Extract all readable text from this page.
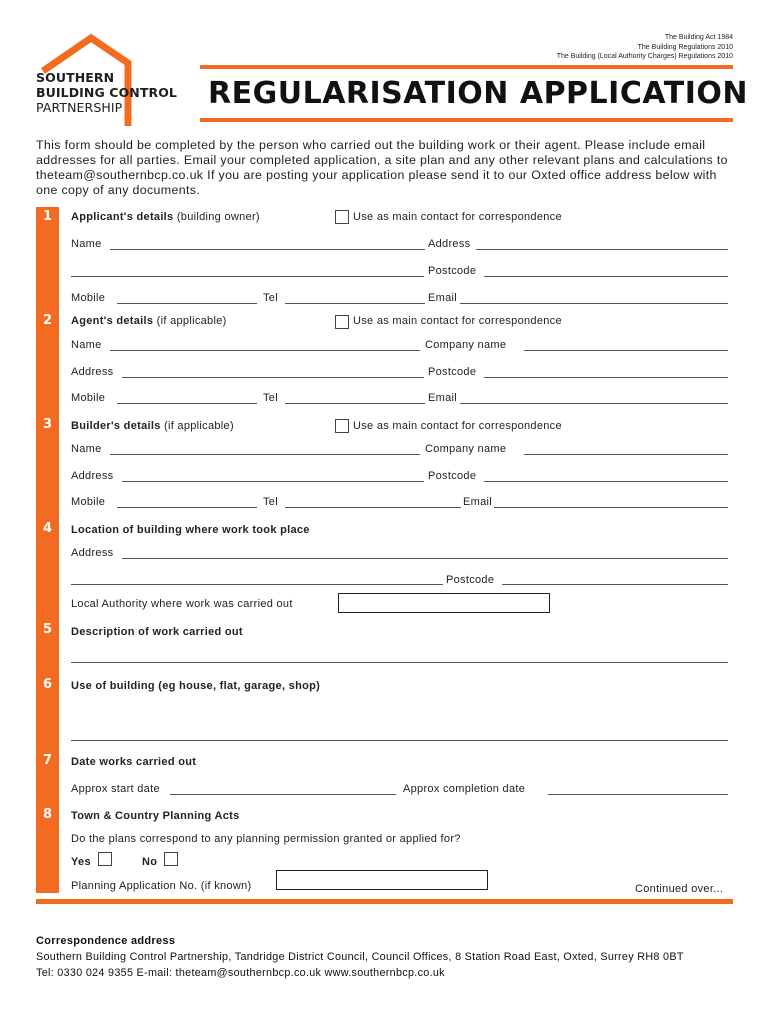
The Building Act 1984
The Building Regulations 2010
The Building (Local Authority Charges) Regulations 2010
SOUTHERN
BUILDING CONTROL
PARTNERSHIP	REGULARISATION APPLICATION
This form should be completed by the person who carried out the building work or their agent. Please include email addresses for all parties. Email your completed application, a site plan and any other relevant plans and calculations to theteam@southernbcp.co.uk If you are posting your application please send it to our Oxted office address below with one copy of any documents.
1	Applicant's details (building owner)	Use as main contact for correspondence
Name	Address
Postcode
Mobile	Tel	Email
2	Agent's details (if applicable)	Use as main contact for correspondence
Name	Company name
Address	Postcode
Mobile	Tel	Email
3	Builder's details (if applicable)	Use as main contact for correspondence
Name	Company name
Address	Postcode
Mobile	Tel	Email
4	Location of building where work took place
Address
Postcode
Local Authority where work was carried out
5	Description of work carried out
6	Use of building (eg house, flat, garage, shop)
7	Date works carried out
Approx start date	Approx completion date
8	Town & Country Planning Acts
Do the plans correspond to any planning permission granted or applied for?
Yes	No
Planning Application No. (if known)	Continued over...
Correspondence address
Southern Building Control Partnership, Tandridge District Council, Council Offices, 8 Station Road East, Oxted, Surrey RH8 0BT
Tel: 0330 024 9355 E-mail: theteam@southernbcp.co.uk www.southernbcp.co.uk
